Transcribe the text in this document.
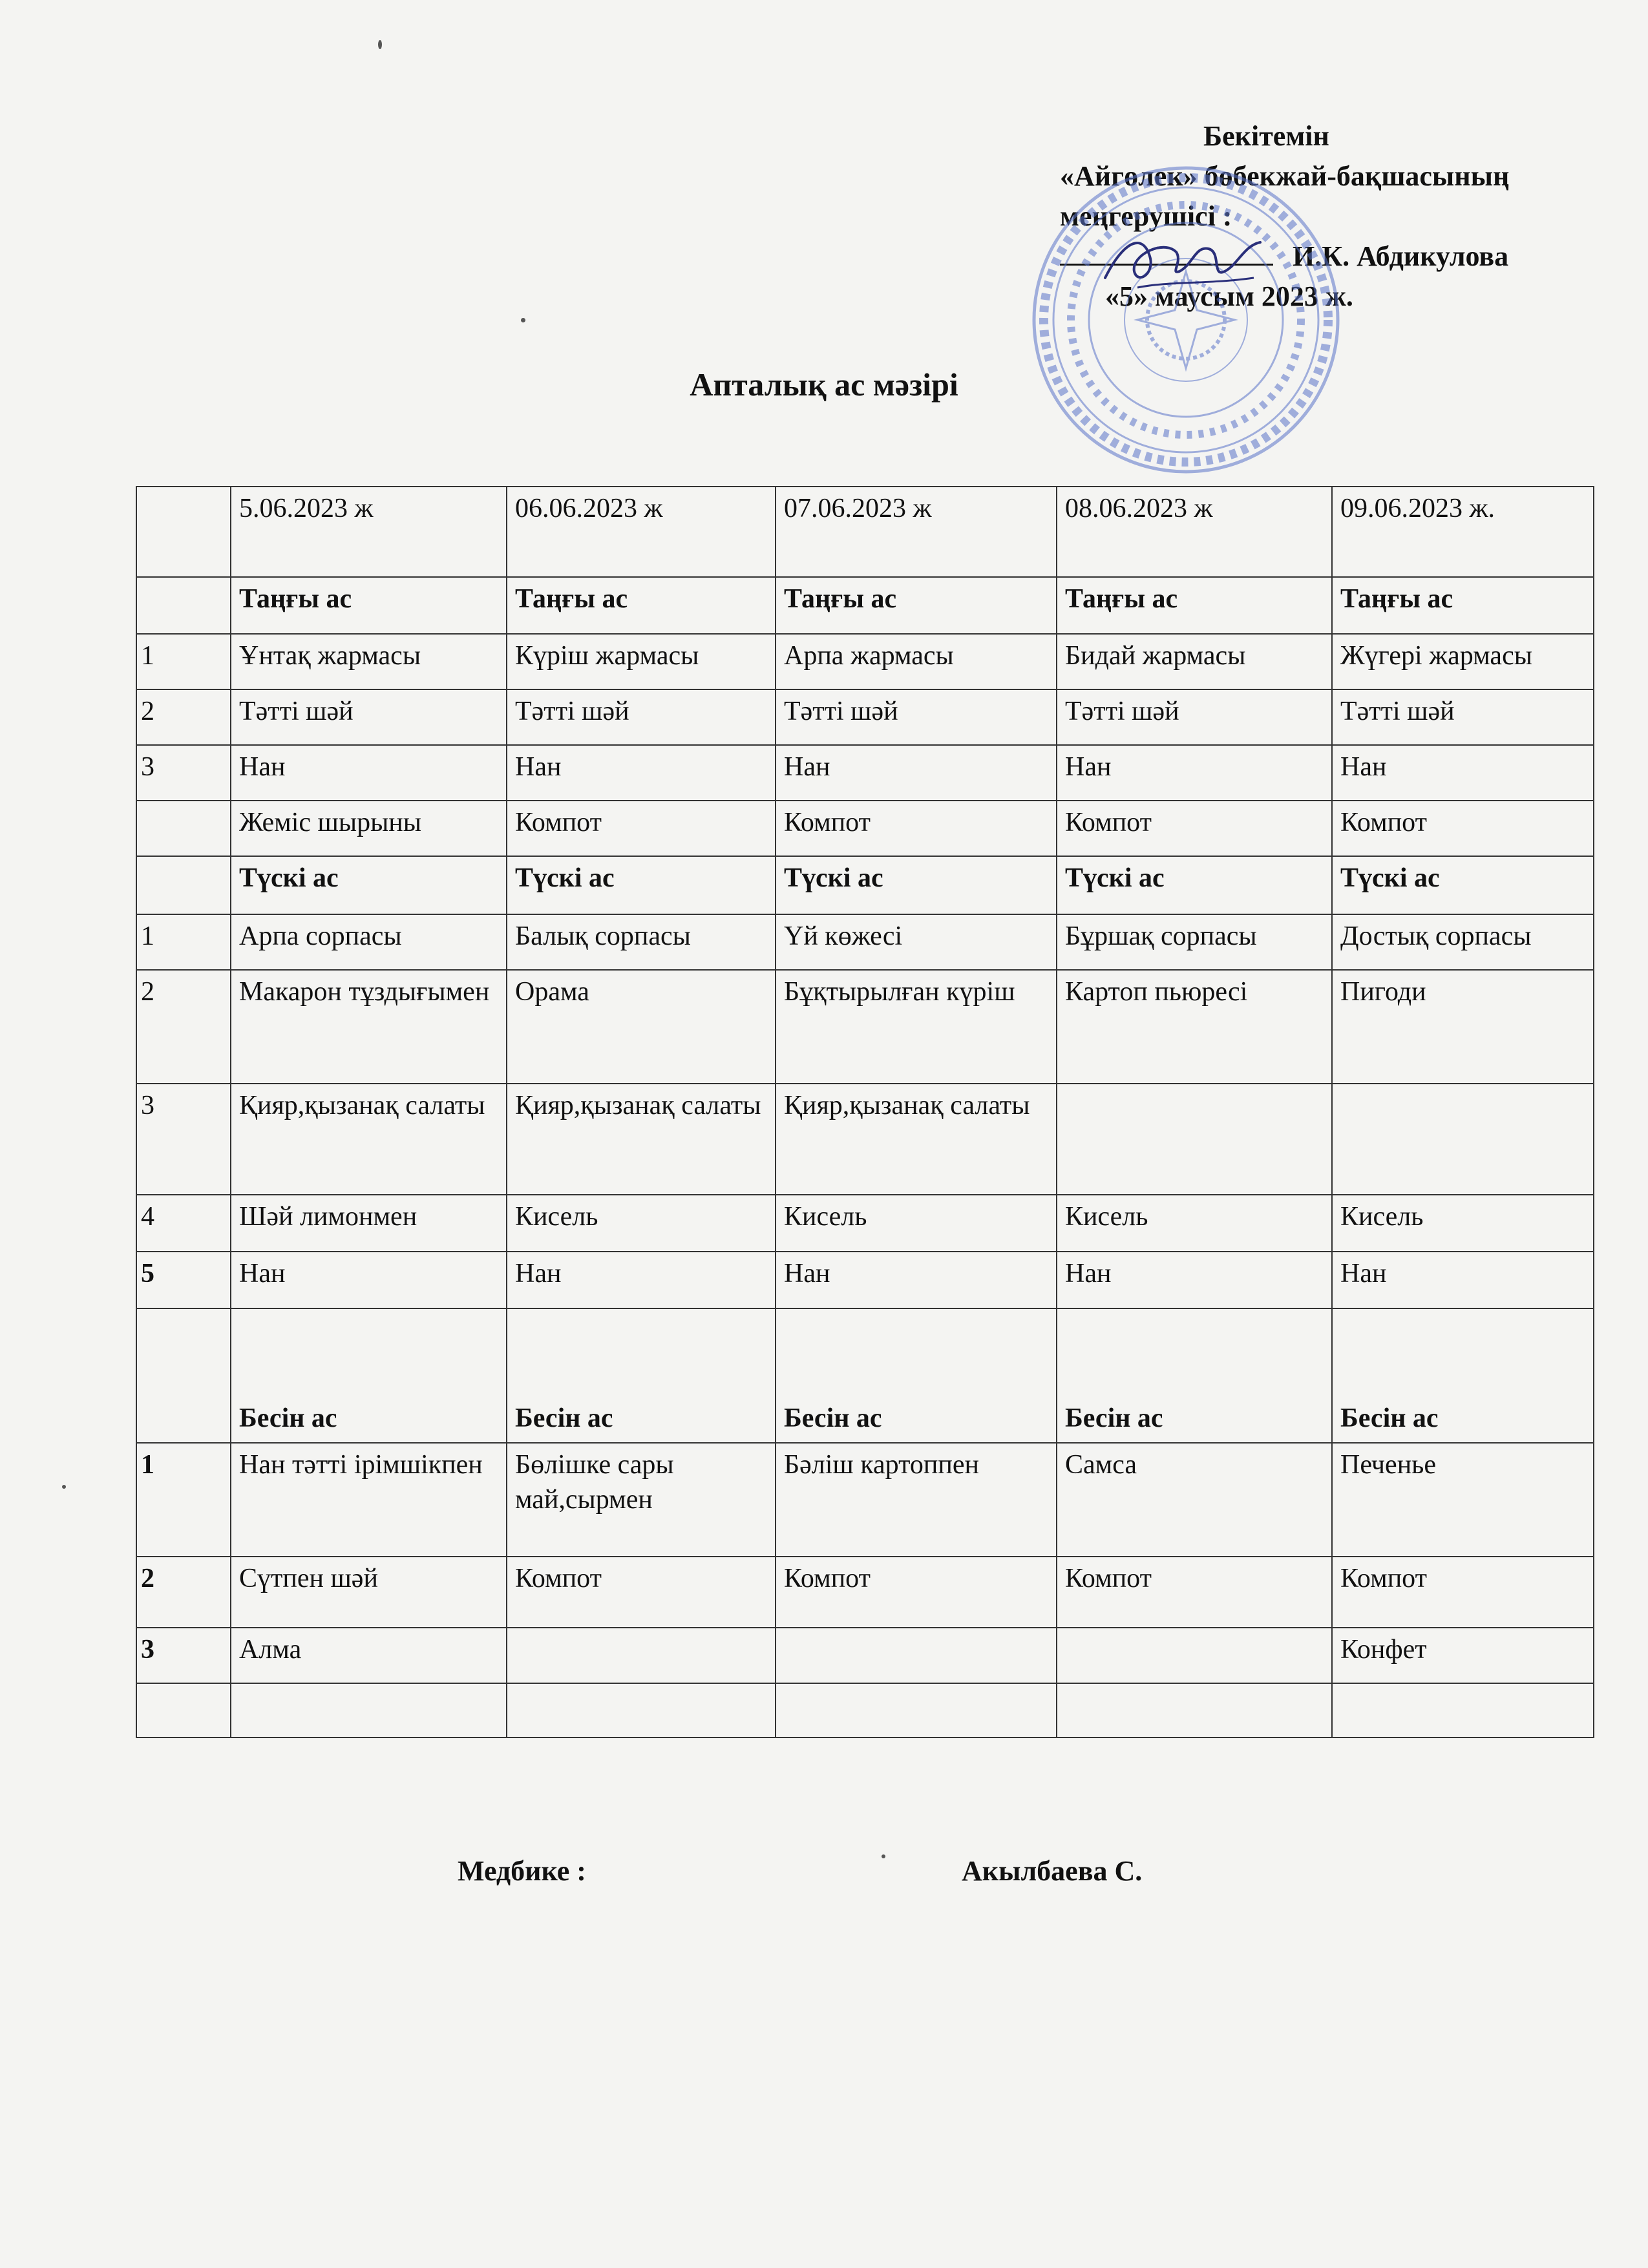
Бекітемін
«Айгөлек» бөбекжай-бақшасының
меңгерушісі :
И.К. Абдикулова
«5» маусым 2023 ж.
Апталық ас мәзірі
	5.06.2023 ж	06.06.2023 ж	07.06.2023 ж	08.06.2023 ж	09.06.2023 ж.
	Таңғы ас	Таңғы ас	Таңғы ас	Таңғы ас	Таңғы ас
1	Ұнтақ жармасы	Күріш жармасы	Арпа жармасы	Бидай жармасы	Жүгері жармасы
2	Тәтті шәй	Тәтті шәй	Тәтті шәй	Тәтті шәй	Тәтті шәй
3	Нан	Нан	Нан	Нан	Нан
	Жеміс шырыны	Компот	Компот	Компот	Компот
	Түскі ас	Түскі ас	Түскі ас	Түскі ас	Түскі ас
1	Арпа сорпасы	Балық сорпасы	Үй көжесі	Бұршақ сорпасы	Достық сорпасы
2	Макарон тұздығымен	Орама	Бұқтырылған күріш	Картоп пьюресі	Пигоди
3	Қияр,қызанақ салаты	Қияр,қызанақ салаты	Қияр,қызанақ салаты		
4	Шәй лимонмен	Кисель	Кисель	Кисель	Кисель
5	Нан	Нан	Нан	Нан	Нан
	Бесін ас	Бесін ас	Бесін ас	Бесін ас	Бесін ас
1	Нан тәтті ірімшікпен	Бөлішке сары май,сырмен	Бәліш картоппен	Самса	Печенье
2	Сүтпен шәй	Компот	Компот	Компот	Компот
3	Алма				Конфет

Медбике :	Акылбаева С.
